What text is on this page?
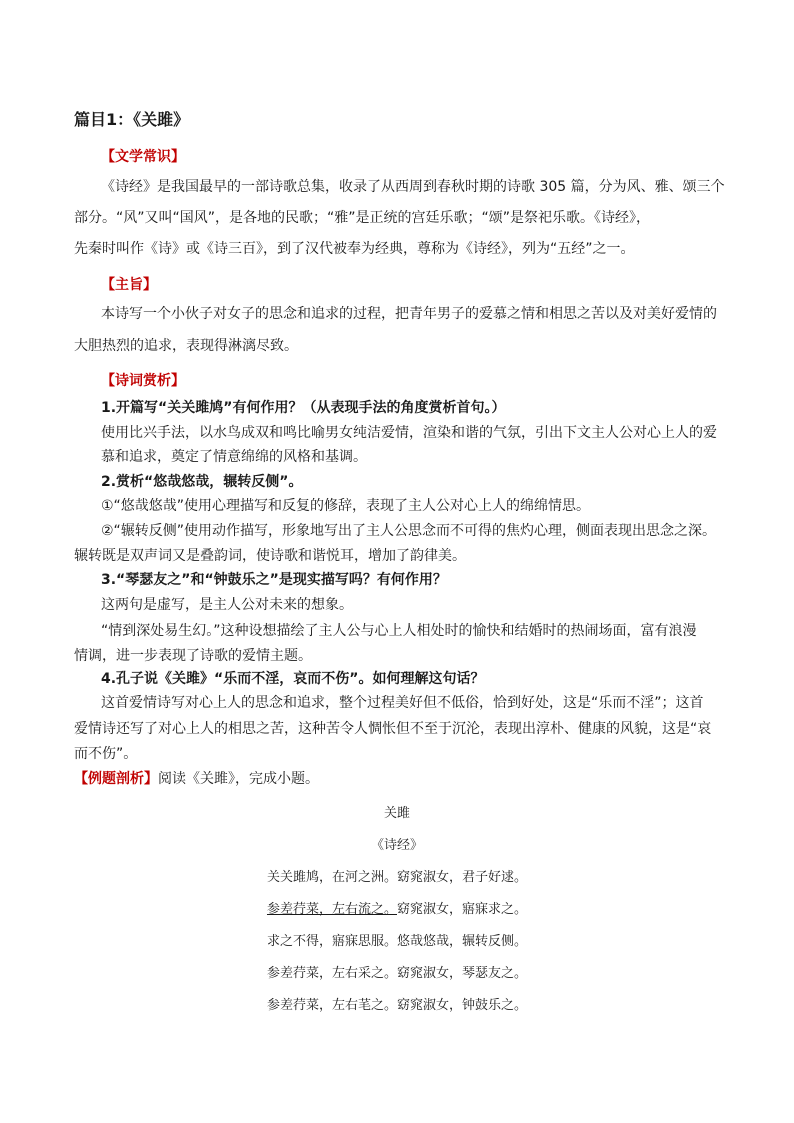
篇目1：《关雎》
【文学常识】
《诗经》是我国最早的一部诗歌总集，收录了从西周到春秋时期的诗歌 305 篇，分为风、雅、颂三个
部分。“风”又叫“国风”，是各地的民歌；“雅”是正统的宫廷乐歌；“颂”是祭祀乐歌。《诗经》，
先秦时叫作《诗》或《诗三百》，到了汉代被奉为经典，尊称为《诗经》，列为“五经”之一。
【主旨】
本诗写一个小伙子对女子的思念和追求的过程，把青年男子的爱慕之情和相思之苦以及对美好爱情的
大胆热烈的追求，表现得淋漓尽致。
【诗词赏析】
1.开篇写“关关雎鸠”有何作用？（从表现手法的角度赏析首句。）
使用比兴手法，以水鸟成双和鸣比喻男女纯洁爱情，渲染和谐的气氛，引出下文主人公对心上人的爱
慕和追求，奠定了情意绵绵的风格和基调。
2.赏析“悠哉悠哉，辗转反侧”。
①“悠哉悠哉”使用心理描写和反复的修辞，表现了主人公对心上人的绵绵情思。
②“辗转反侧”使用动作描写，形象地写出了主人公思念而不可得的焦灼心理，侧面表现出思念之深。
辗转既是双声词又是叠韵词，使诗歌和谐悦耳，增加了韵律美。
3.“琴瑟友之”和“钟鼓乐之”是现实描写吗？有何作用？
这两句是虚写，是主人公对未来的想象。
“情到深处易生幻。”这种设想描绘了主人公与心上人相处时的愉快和结婚时的热闹场面，富有浪漫
情调，进一步表现了诗歌的爱情主题。
4.孔子说《关雎》“乐而不淫，哀而不伤”。如何理解这句话？
这首爱情诗写对心上人的思念和追求，整个过程美好但不低俗，恰到好处，这是“乐而不淫”；这首
爱情诗还写了对心上人的相思之苦，这种苦令人惆怅但不至于沉沦，表现出淳朴、健康的风貌，这是“哀
而不伤”。
【例题剖析】阅读《关雎》，完成小题。
关雎
《诗经》
关关雎鸠，在河之洲。窈窕淑女，君子好逑。
参差荇菜，左右流之。窈窕淑女，寤寐求之。
求之不得，寤寐思服。悠哉悠哉，辗转反侧。
参差荇菜，左右采之。窈窕淑女，琴瑟友之。
参差荇菜，左右芼之。窈窕淑女，钟鼓乐之。
